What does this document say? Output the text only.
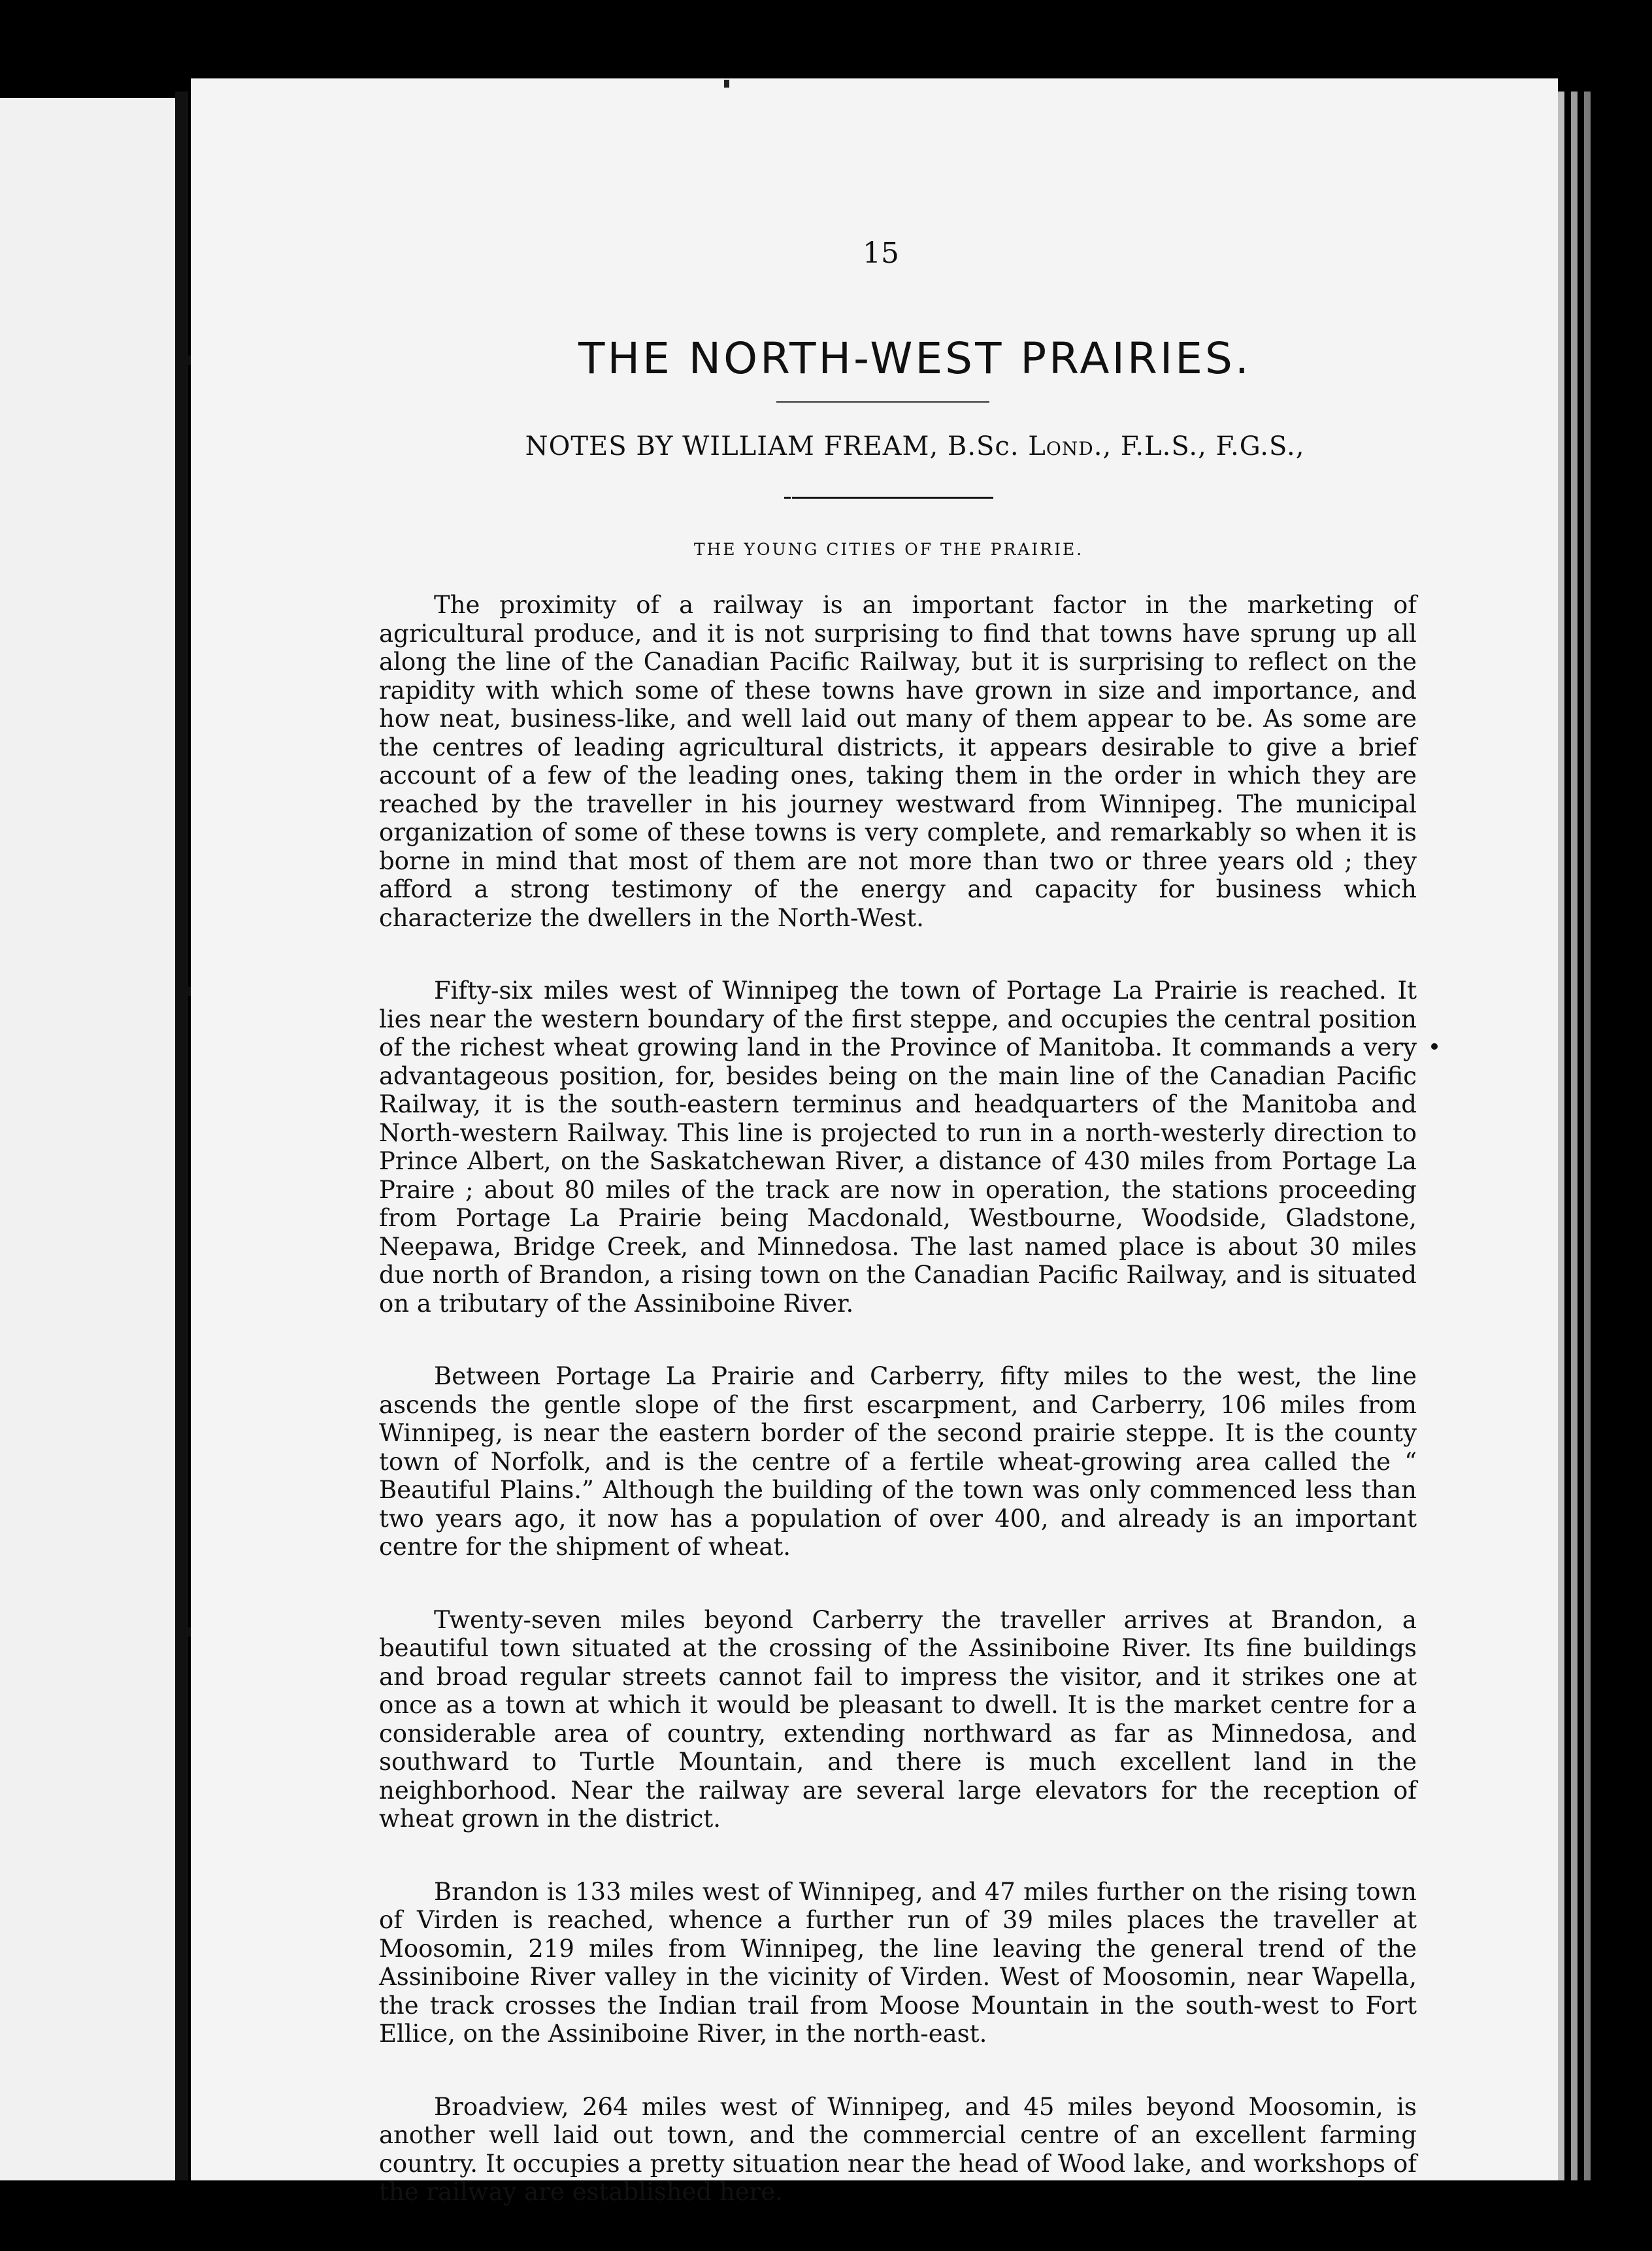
15
THE NORTH-WEST PRAIRIES.
NOTES BY WILLIAM FREAM, B.Sc. Lond., F.L.S., F.G.S.,
THE YOUNG CITIES OF THE PRAIRIE.

The proximity of a railway is an important factor in the marketing of agricultural produce, and it is not surprising to find that towns have sprung up all along the line of the Canadian Pacific Railway, but it is surprising to reflect on the rapidity with which some of these towns have grown in size and importance, and how neat, business-like, and well laid out many of them appear to be. As some are the centres of leading agricultural districts, it appears desirable to give a brief account of a few of the leading ones, taking them in the order in which they are reached by the traveller in his journey westward from Winnipeg. The municipal organization of some of these towns is very complete, and remarkably so when it is borne in mind that most of them are not more than two or three years old ; they afford a strong testimony of the energy and capacity for business which characterize the dwellers in the North-West.

Fifty-six miles west of Winnipeg the town of Portage La Prairie is reached. It lies near the western boundary of the first steppe, and occupies the central position of the richest wheat growing land in the Province of Manitoba. It commands a very advantageous position, for, besides being on the main line of the Canadian Pacific Railway, it is the south-eastern terminus and headquarters of the Manitoba and North-western Railway. This line is projected to run in a north-westerly direction to Prince Albert, on the Saskatchewan River, a distance of 430 miles from Portage La Praire ; about 80 miles of the track are now in operation, the stations proceeding from Portage La Prairie being Macdonald, Westbourne, Woodside, Gladstone, Neepawa, Bridge Creek, and Minnedosa. The last named place is about 30 miles due north of Brandon, a rising town on the Canadian Pacific Railway, and is situated on a tributary of the Assiniboine River.

Between Portage La Prairie and Carberry, fifty miles to the west, the line ascends the gentle slope of the first escarpment, and Carberry, 106 miles from Winnipeg, is near the eastern border of the second prairie steppe. It is the county town of Norfolk, and is the centre of a fertile wheat-growing area called the “ Beautiful Plains.” Although the building of the town was only commenced less than two years ago, it now has a population of over 400, and already is an important centre for the shipment of wheat.

Twenty-seven miles beyond Carberry the traveller arrives at Brandon, a beautiful town situated at the crossing of the Assiniboine River. Its fine buildings and broad regular streets cannot fail to impress the visitor, and it strikes one at once as a town at which it would be pleasant to dwell. It is the market centre for a considerable area of country, extending northward as far as Minnedosa, and southward to Turtle Mountain, and there is much excellent land in the neighborhood. Near the railway are several large elevators for the reception of wheat grown in the district.

Brandon is 133 miles west of Winnipeg, and 47 miles further on the rising town of Virden is reached, whence a further run of 39 miles places the traveller at Moosomin, 219 miles from Winnipeg, the line leaving the general trend of the Assiniboine River valley in the vicinity of Virden. West of Moosomin, near Wapella, the track crosses the Indian trail from Moose Mountain in the south-west to Fort Ellice, on the Assiniboine River, in the north-east.

Broadview, 264 miles west of Winnipeg, and 45 miles beyond Moosomin, is another well laid out town, and the commercial centre of an excellent farming country. It occupies a pretty situation near the head of Wood lake, and workshops of the railway are established here.
